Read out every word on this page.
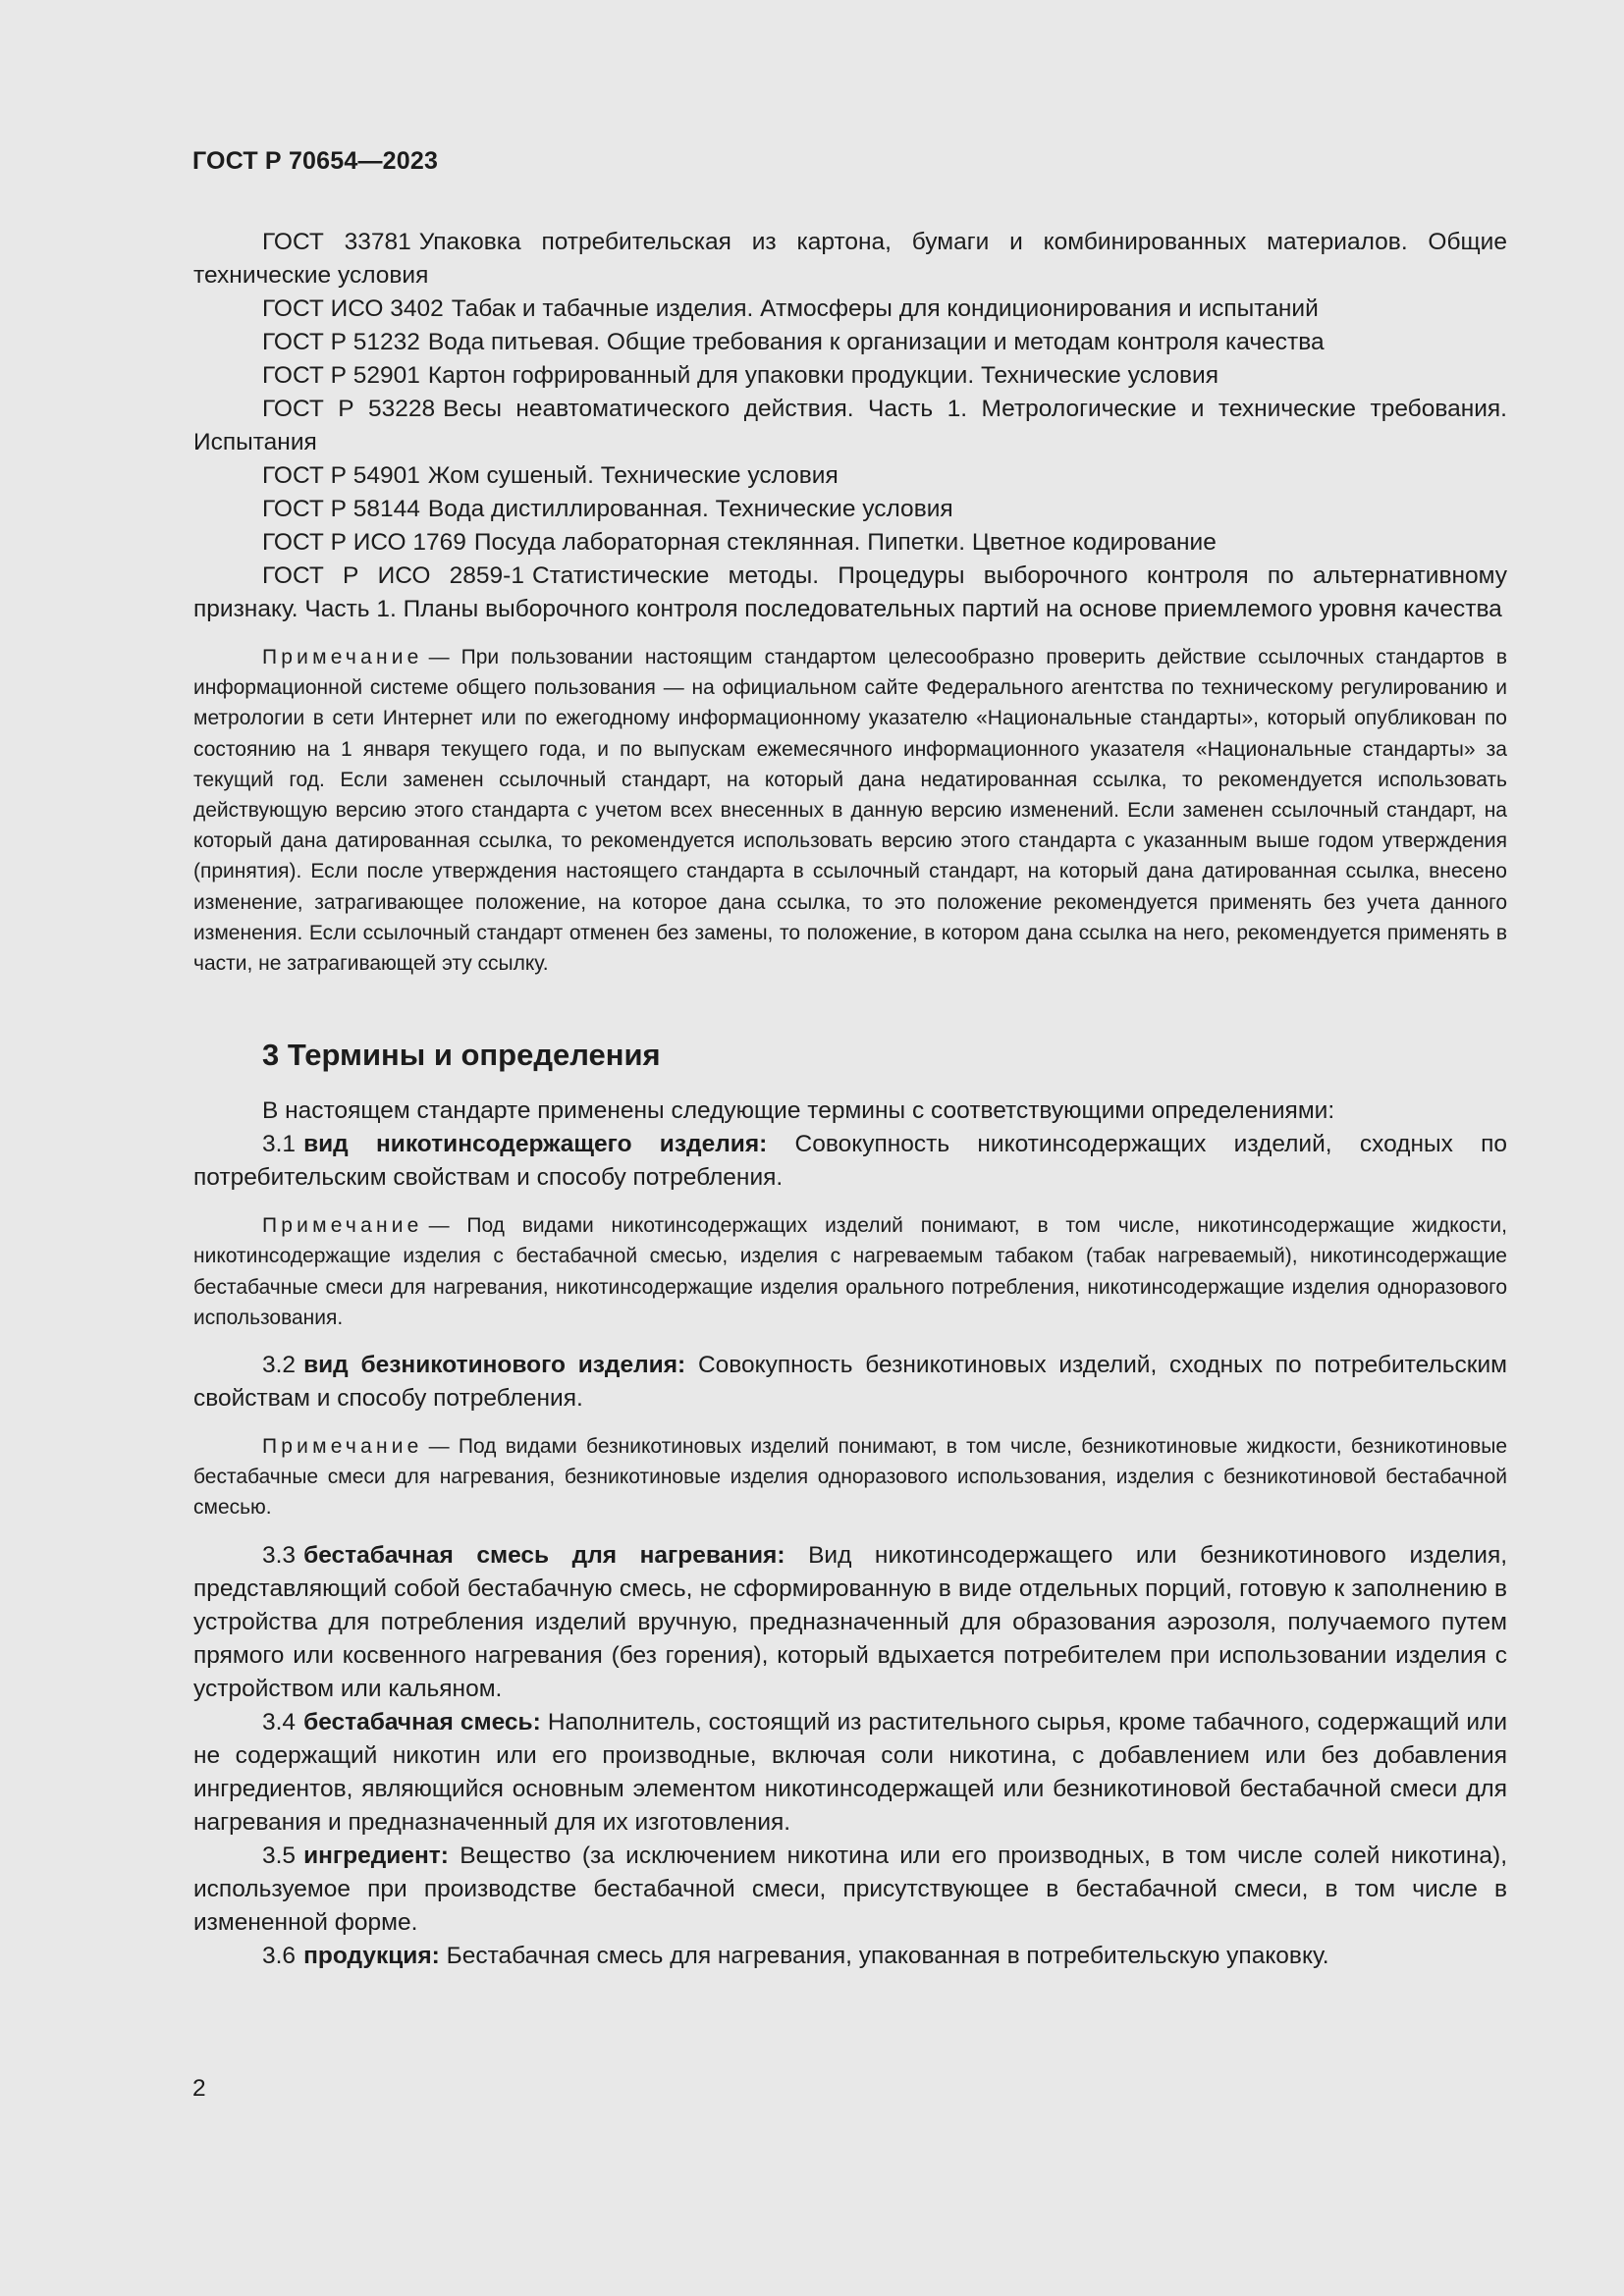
ГОСТ Р 70654—2023

ГОСТ 33781 Упаковка потребительская из картона, бумаги и комбинированных материалов. Общие технические условия

ГОСТ ИСО 3402 Табак и табачные изделия. Атмосферы для кондиционирования и испытаний

ГОСТ Р 51232 Вода питьевая. Общие требования к организации и методам контроля качества

ГОСТ Р 52901 Картон гофрированный для упаковки продукции. Технические условия

ГОСТ Р 53228 Весы неавтоматического действия. Часть 1. Метрологические и технические требования. Испытания

ГОСТ Р 54901 Жом сушеный. Технические условия

ГОСТ Р 58144 Вода дистиллированная. Технические условия

ГОСТ Р ИСО 1769 Посуда лабораторная стеклянная. Пипетки. Цветное кодирование

ГОСТ Р ИСО 2859-1 Статистические методы. Процедуры выборочного контроля по альтернативному признаку. Часть 1. Планы выборочного контроля последовательных партий на основе приемлемого уровня качества

Примечание — При пользовании настоящим стандартом целесообразно проверить действие ссылочных стандартов в информационной системе общего пользования — на официальном сайте Федерального агентства по техническому регулированию и метрологии в сети Интернет или по ежегодному информационному указателю «Национальные стандарты», который опубликован по состоянию на 1 января текущего года, и по выпускам ежемесячного информационного указателя «Национальные стандарты» за текущий год. Если заменен ссылочный стандарт, на который дана недатированная ссылка, то рекомендуется использовать действующую версию этого стандарта с учетом всех внесенных в данную версию изменений. Если заменен ссылочный стандарт, на который дана датированная ссылка, то рекомендуется использовать версию этого стандарта с указанным выше годом утверждения (принятия). Если после утверждения настоящего стандарта в ссылочный стандарт, на который дана датированная ссылка, внесено изменение, затрагивающее положение, на которое дана ссылка, то это положение рекомендуется применять без учета данного изменения. Если ссылочный стандарт отменен без замены, то положение, в котором дана ссылка на него, рекомендуется применять в части, не затрагивающей эту ссылку.

3 Термины и определения

В настоящем стандарте применены следующие термины с соответствующими определениями:

3.1 вид никотинсодержащего изделия: Совокупность никотинсодержащих изделий, сходных по потребительским свойствам и способу потребления.

Примечание — Под видами никотинсодержащих изделий понимают, в том числе, никотинсодержащие жидкости, никотинсодержащие изделия с бестабачной смесью, изделия с нагреваемым табаком (табак нагреваемый), никотинсодержащие бестабачные смеси для нагревания, никотинсодержащие изделия орального потребления, никотинсодержащие изделия одноразового использования.

3.2 вид безникотинового изделия: Совокупность безникотиновых изделий, сходных по потребительским свойствам и способу потребления.

Примечание — Под видами безникотиновых изделий понимают, в том числе, безникотиновые жидкости, безникотиновые бестабачные смеси для нагревания, безникотиновые изделия одноразового использования, изделия с безникотиновой бестабачной смесью.

3.3 бестабачная смесь для нагревания: Вид никотинсодержащего или безникотинового изделия, представляющий собой бестабачную смесь, не сформированную в виде отдельных порций, готовую к заполнению в устройства для потребления изделий вручную, предназначенный для образования аэрозоля, получаемого путем прямого или косвенного нагревания (без горения), который вдыхается потребителем при использовании изделия с устройством или кальяном.

3.4 бестабачная смесь: Наполнитель, состоящий из растительного сырья, кроме табачного, содержащий или не содержащий никотин или его производные, включая соли никотина, с добавлением или без добавления ингредиентов, являющийся основным элементом никотинсодержащей или безникотиновой бестабачной смеси для нагревания и предназначенный для их изготовления.

3.5 ингредиент: Вещество (за исключением никотина или его производных, в том числе солей никотина), используемое при производстве бестабачной смеси, присутствующее в бестабачной смеси, в том числе в измененной форме.

3.6 продукция: Бестабачная смесь для нагревания, упакованная в потребительскую упаковку.

2
